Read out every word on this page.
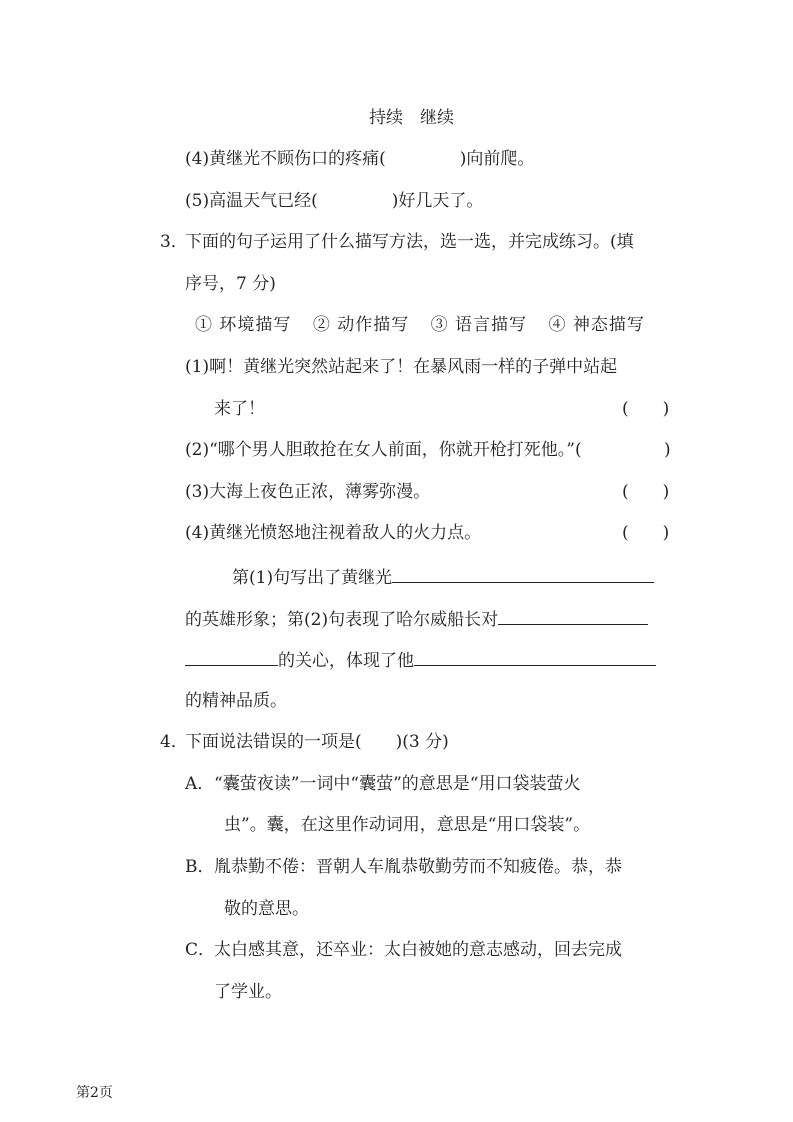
持续　继续
(4)黄继光不顾伤口的疼痛(	)向前爬。
(5)高温天气已经(	)好几天了。
3．
下面的句子运用了什么描写方法，选一选，并完成练习。(填
序号，7 分)
① 环境描写 ② 动作描写 ③ 语言描写 ④ 神态描写
(1)啊！黄继光突然站起来了！在暴风雨一样的子弹中站起
来了！	( )
(2)“哪个男人胆敢抢在女人前面，你就开枪打死他。”(	)
(3)大海上夜色正浓，薄雾弥漫。	( )
(4)黄继光愤怒地注视着敌人的火力点。	( )
第(1)句写出了黄继光
的英雄形象；第(2)句表现了哈尔威船长对
的关心，体现了他
的精神品质。
4．
下面说法错误的一项是(　　)(3 分)
A． “囊萤夜读”一词中“囊萤”的意思是“用口袋装萤火
虫”。囊，在这里作动词用，意思是“用口袋装”。
B． 胤恭勤不倦：晋朝人车胤恭敬勤劳而不知疲倦。恭，恭
敬的意思。
C．
太白感其意，还卒业：太白被她的意志感动，回去完成
了学业。
第2页
